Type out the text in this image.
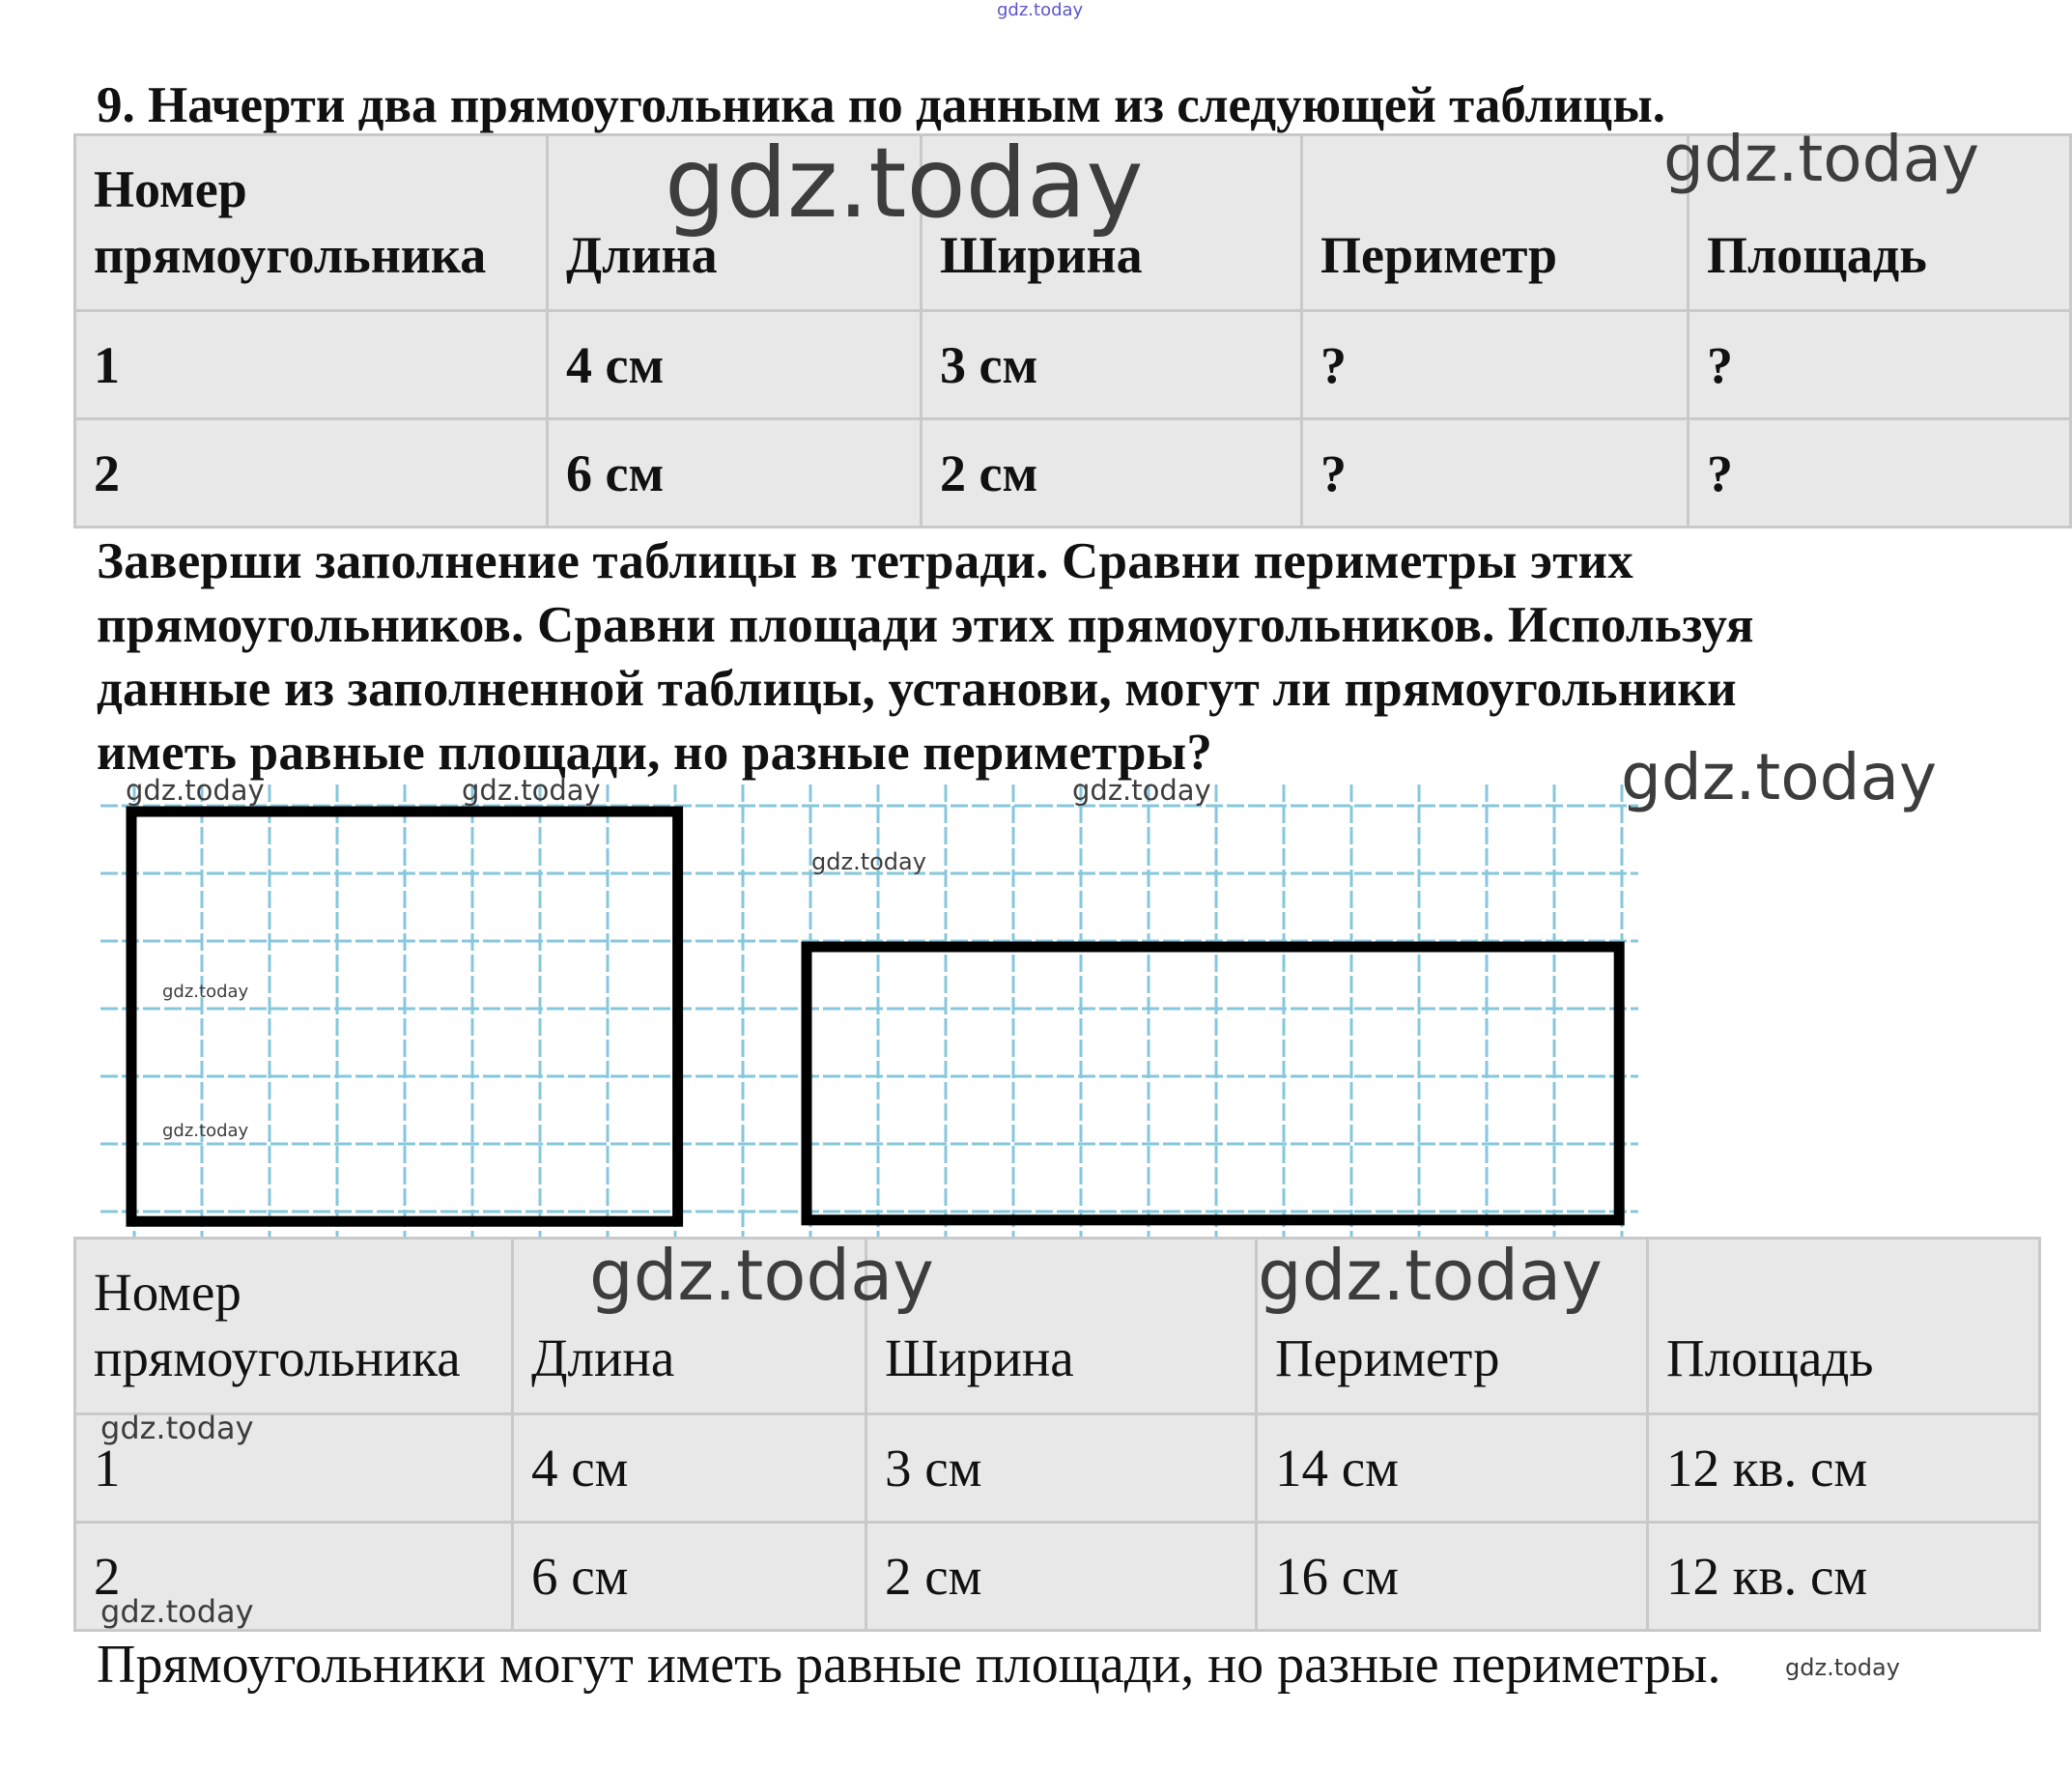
gdz.today
9. Начерти два прямоугольника по данным из следующей таблицы.
Номер прямоугольника	Длина	Ширина	Периметр	Площадь
1	4 см	3 см	?	?
2	6 см	2 см	?	?
gdz.today	gdz.today
Заверши заполнение таблицы в тетради. Сравни периметры этих
прямоугольников. Сравни площади этих прямоугольников. Используя
данные из заполненной таблицы, установи, могут ли прямоугольники
иметь равные площади, но разные периметры?	gdz.today
gdz.today	gdz.today	gdz.today
gdz.today
gdz.today
gdz.today
Номер прямоугольника	Длина	Ширина	Периметр	Площадь
1	4 см	3 см	14 см	12 кв. см
2	6 см	2 см	16 см	12 кв. см
gdz.today	gdz.today
gdz.today
gdz.today
Прямоугольники могут иметь равные площади, но разные периметры.	gdz.today
